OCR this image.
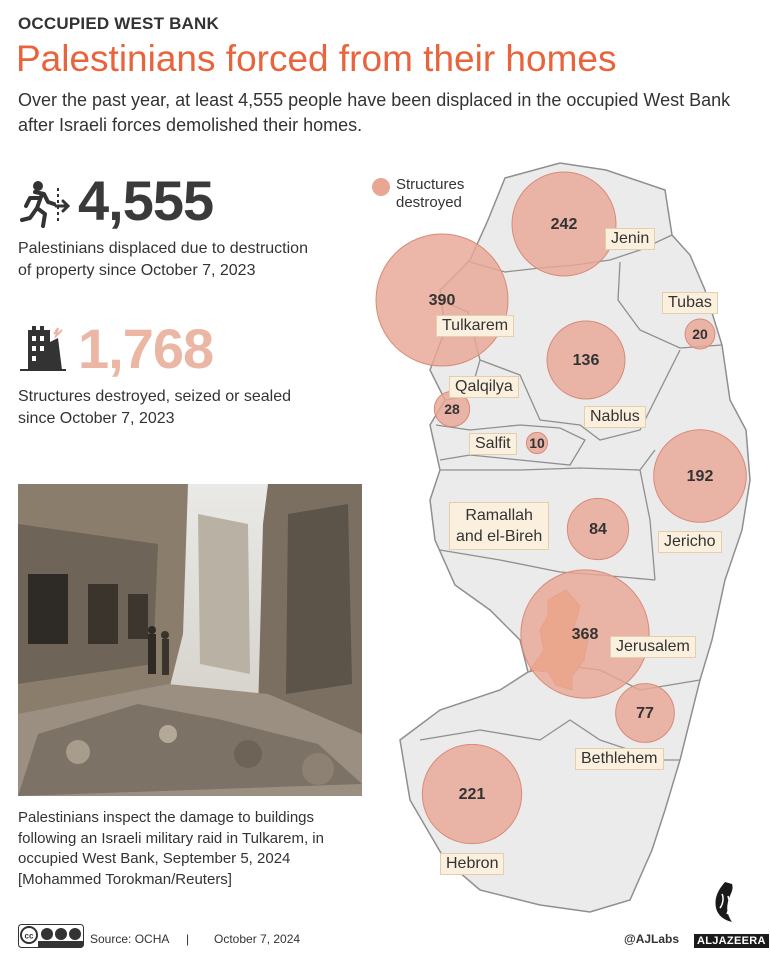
OCCUPIED WEST BANK
Palestinians forced from their homes
Over the past year, at least 4,555 people have been displaced in the occupied West Bank after Israeli forces demolished their homes.
4,555
Palestinians displaced due to destruction of property since October 7, 2023
1,768
Structures destroyed, seized or sealed since October 7, 2023
Palestinians inspect the damage to buildings following an Israeli military raid in Tulkarem, in occupied West Bank, September 5, 2024
[Mohammed Torokman/Reuters]
242
20
390
136
28
10
192
84
368
77
221
Structures destroyed
Jenin
Tubas
Tulkarem
Nablus
Qalqilya
Salfit
Jericho
Ramallah
and el-Bireh
Jerusalem
Bethlehem
Hebron
cc	Source: OCHA | October 7, 2024	@AJLabs ALJAZEERA
